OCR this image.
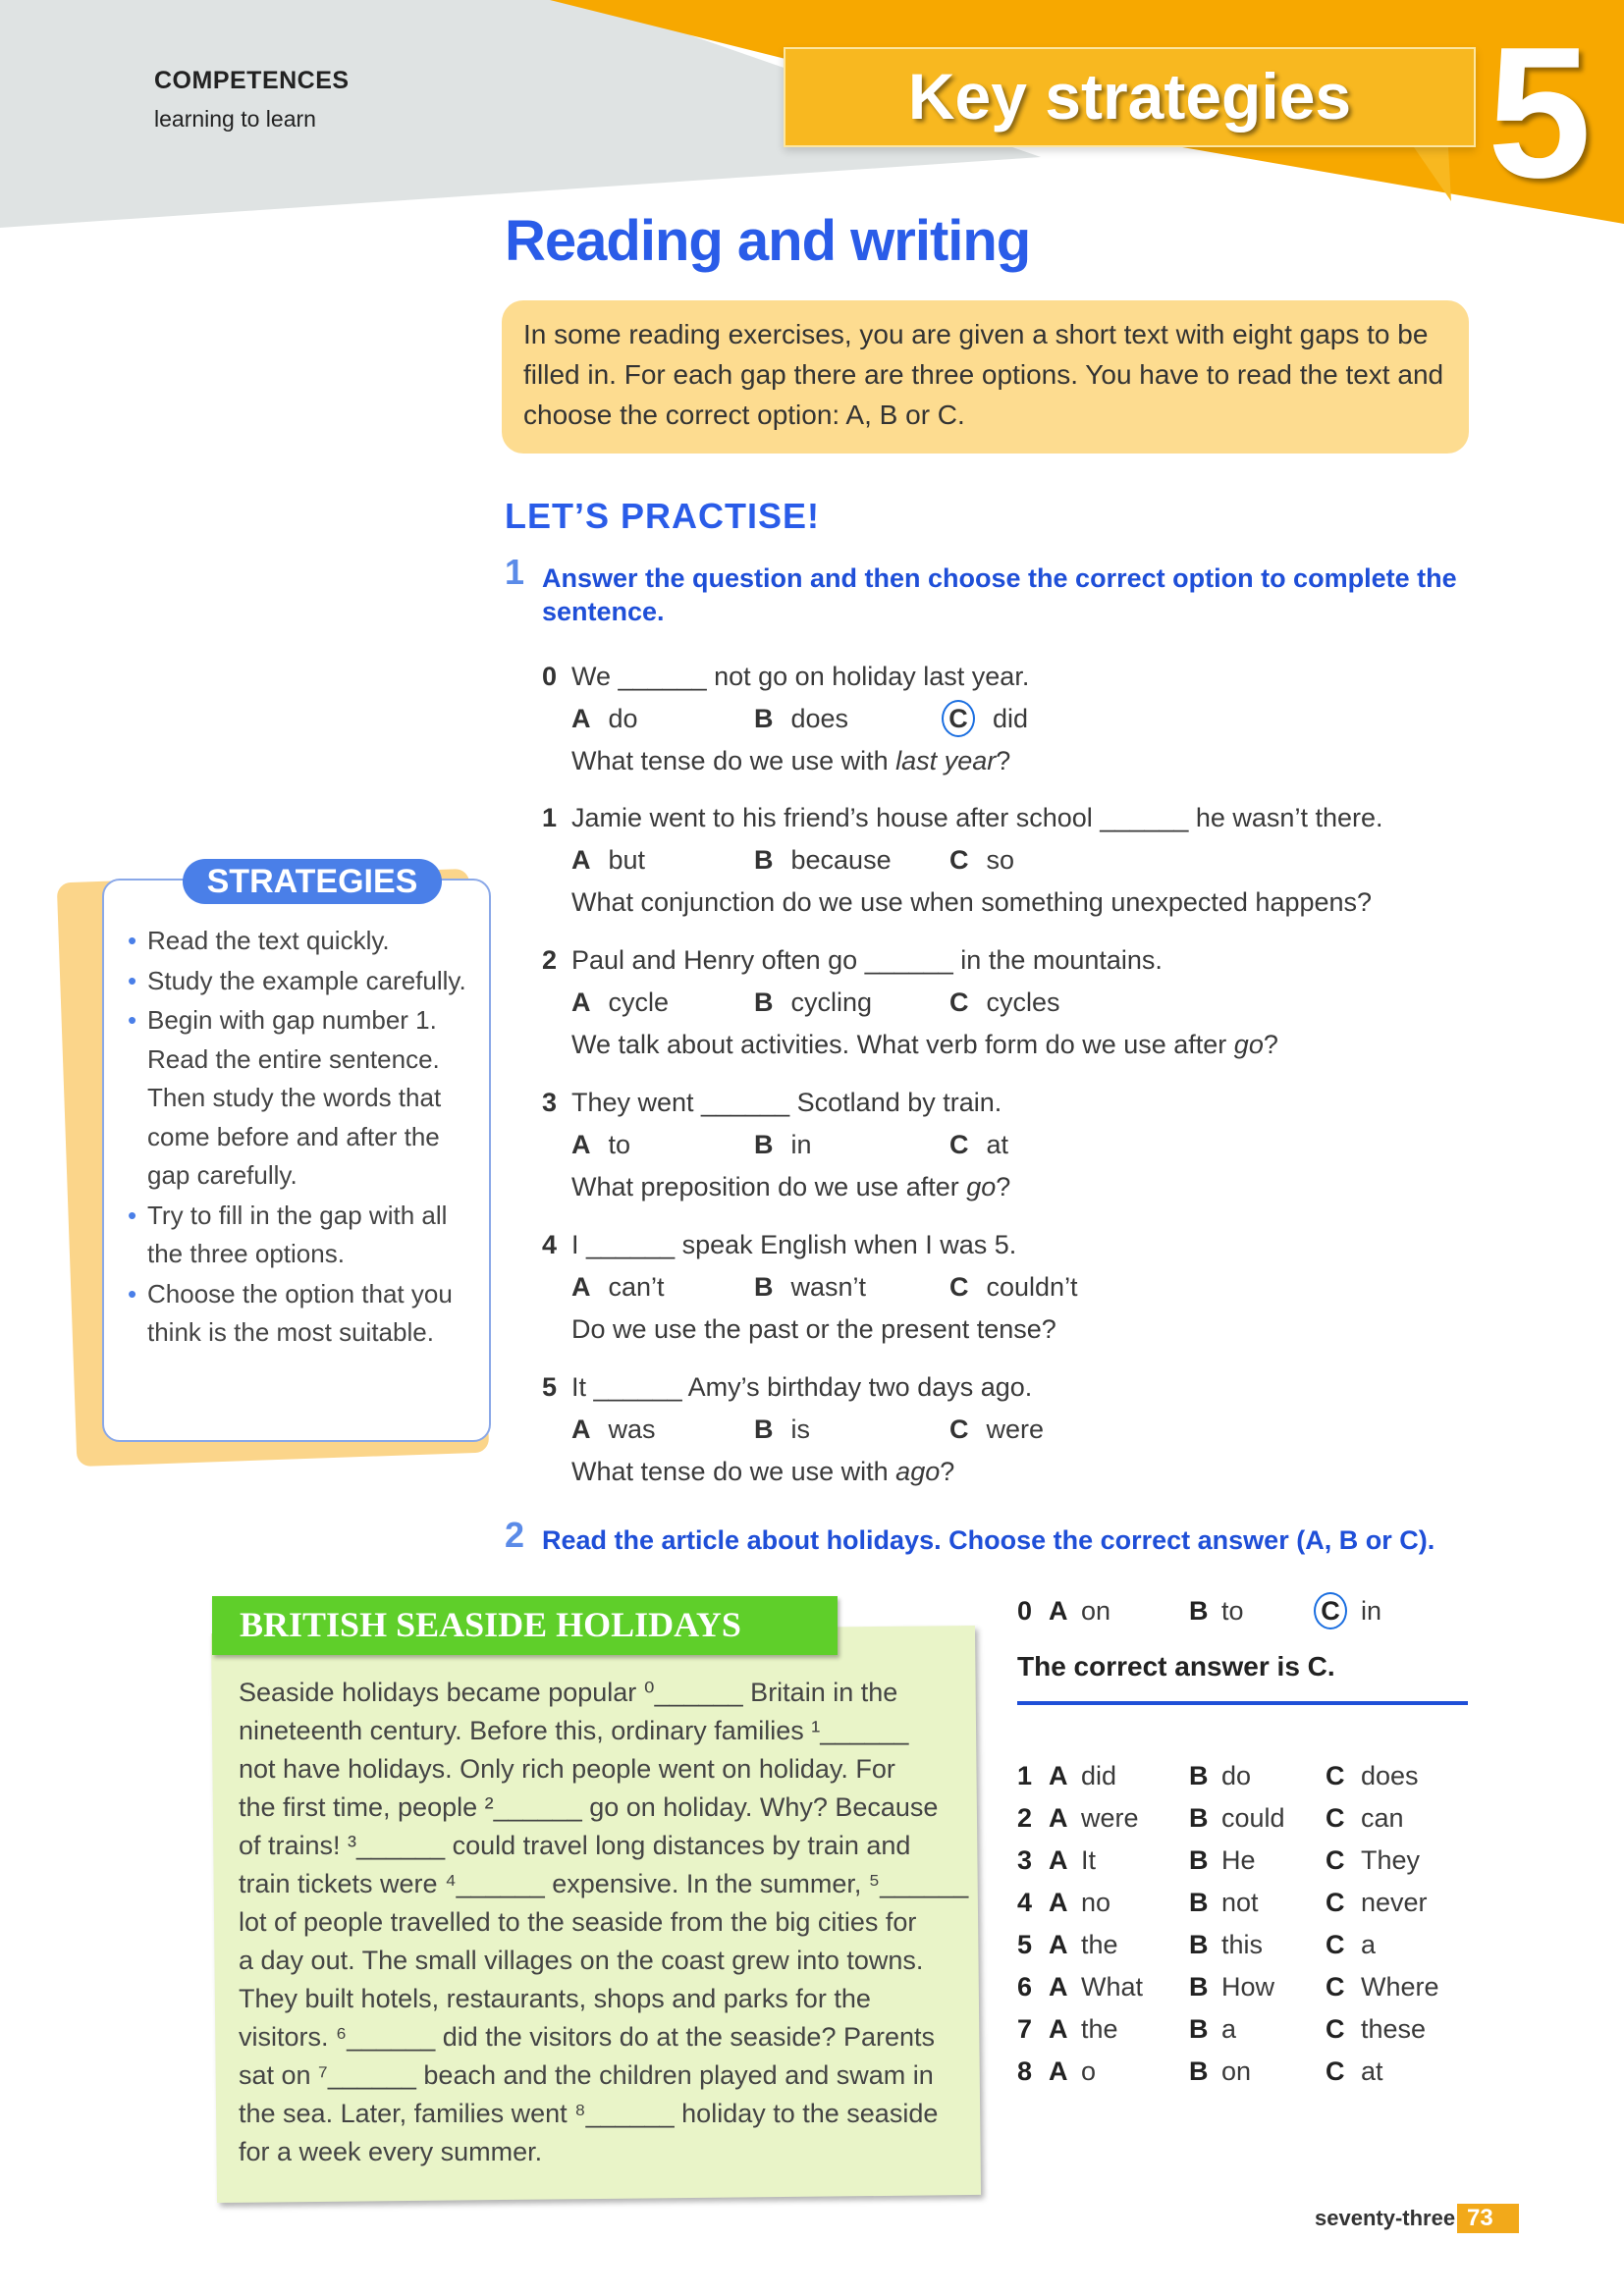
COMPETENCES
learning to learn	Key strategies 5
Reading and writing
In some reading exercises, you are given a short text with eight gaps to be filled in. For each gap there are three options. You have to read the text and choose the correct option: A, B or C.
LET’S PRACTISE!
1 Answer the question and then choose the correct option to complete the sentence.
0 We ______ not go on holiday last year.
A do	B does	C did
What tense do we use with last year?
1 Jamie went to his friend’s house after school ______ he wasn’t there.
A but	B because C so
What conjunction do we use when something unexpected happens?
2 Paul and Henry often go ______ in the mountains.
A cycle	B cycling	C cycles
We talk about activities. What verb form do we use after go?
3 They went ______ Scotland by train.
A to	B in	C at
What preposition do we use after go?
4 I ______ speak English when I was 5.
A can’t	B wasn’t	C couldn’t
Do we use the past or the present tense?
5 It ______ Amy’s birthday two days ago.
A was	B is	C were
What tense do we use with ago?
• Read the text quickly.
• Study the example carefully.
• Begin with gap number 1. Read the entire sentence. Then study the words that come before and after the gap carefully.
• Try to fill in the gap with all the three options.
• Choose the option that you think is the most suitable.
STRATEGIES
2 Read the article about holidays. Choose the correct answer (A, B or C).
BRITISH SEASIDE HOLIDAYS
Seaside holidays became popular ⁰______ Britain in the
nineteenth century. Before this, ordinary families ¹______
not have holidays. Only rich people went on holiday. For
the first time, people ²______ go on holiday. Why? Because
of trains! ³______ could travel long distances by train and
train tickets were ⁴______ expensive. In the summer, ⁵______
lot of people travelled to the seaside from the big cities for
a day out. The small villages on the coast grew into towns.
They built hotels, restaurants, shops and parks for the
visitors. ⁶______ did the visitors do at the seaside? Parents
sat on ⁷______ beach and the children played and swam in
the sea. Later, families went ⁸______ holiday to the seaside
for a week every summer.
0 A on	B to	C in
1 A did	B do	C does
2 A were B could C can
3 A It	B He	C They
4 A no	B not	C never
5 A the	B this C a
6 A What B How C Where
7 A the	B a	C these
8 A o	B on	C at
The correct answer is C.
seventy-three 73
